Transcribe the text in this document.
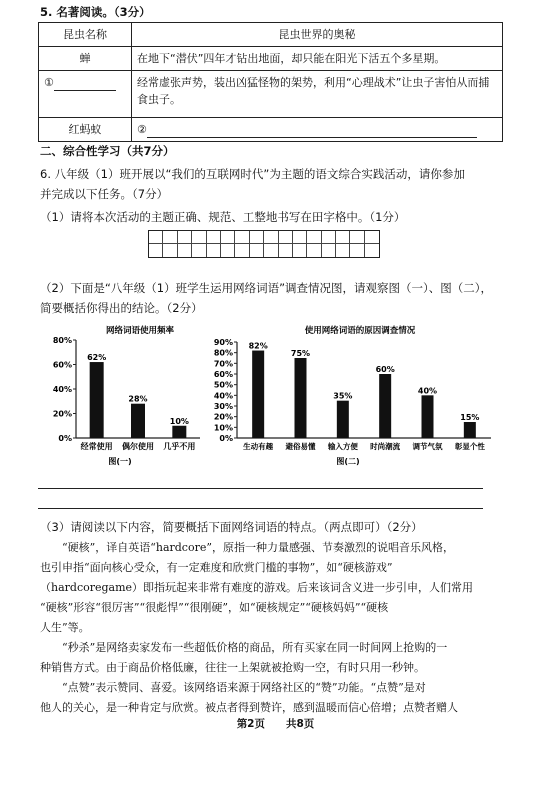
5. 名著阅读。（3分）
昆虫名称	昆虫世界的奥秘
蝉	在地下“潜伏”四年才钻出地面，却只能在阳光下活五个多星期。
①	经常虚张声势，装出凶猛怪物的架势，利用“心理战术”让虫子害怕从而捕食虫子。
红蚂蚁	②
二、综合性学习（共7分）
6. 八年级（1）班开展以“我们的互联网时代”为主题的语文综合实践活动，请你参加
并完成以下任务。（7分）
（1）请将本次活动的主题正确、规范、工整地书写在田字格中。（1分）
（2）下面是“八年级（1）班学生运用网络词语”调查情况图，请观察图（一）、图（二），
简要概括你得出的结论。（2分）
网络词语使用频率
0%
20%
40%
60%
80%
62%
经常使用
28%
偶尔使用
10%
几乎不用
图(一)
使用网络词语的原因调查情况
0%
10%
20%
30%
40%
50%
60%
70%
80%
90% 82%
生动有趣
75%
避俗易懂
35%
输入方便
60%
时尚潮流
40%
调节气氛
15%
彰显个性
图(二)
（3）请阅读以下内容，简要概括下面网络词语的特点。（两点即可）（2分）
“硬核”，译自英语“hardcore”，原指一种力量感强、节奏激烈的说唱音乐风格，
也引申指“面向核心受众，有一定难度和欣赏门槛的事物”，如“硬核游戏”
（hardcoregame）即指玩起来非常有难度的游戏。后来该词含义进一步引申，人们常用
“硬核”形容“很厉害”“很彪悍”“很刚硬”，如“硬核规定”“硬核妈妈”“硬核
人生”等。
“秒杀”是网络卖家发布一些超低价格的商品，所有买家在同一时间网上抢购的一
种销售方式。由于商品价格低廉，往往一上架就被抢购一空，有时只用一秒钟。
“点赞”表示赞同、喜爱。该网络语来源于网络社区的“赞”功能。“点赞”是对
他人的关心，是一种肯定与欣赏。被点者得到赞许，感到温暖而信心倍增；点赞者赠人
第2页　　共8页
